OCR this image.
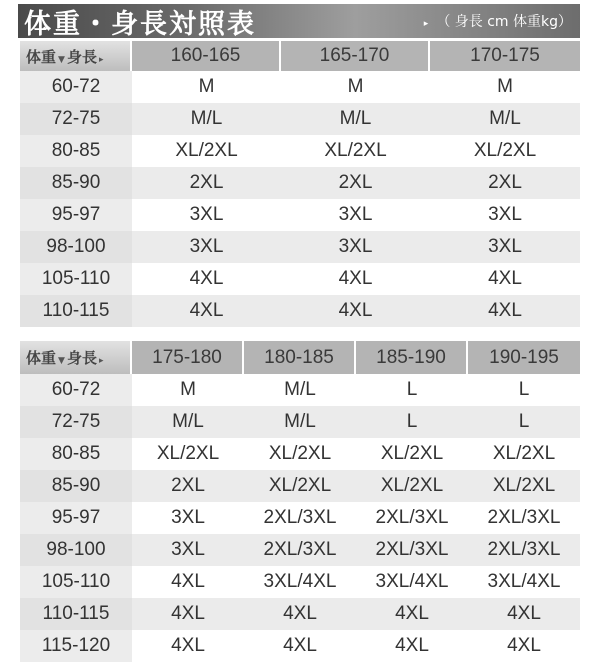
体重・身長対照表	▸ （ 身長 cm 体重kg）
体重 ▼ 身長 ▸	160-165	165-170	170-175
60-72	M	M	M
72-75	M/L	M/L	M/L
80-85	XL/2XL	XL/2XL	XL/2XL
85-90	2XL	2XL	2XL
95-97	3XL	3XL	3XL
98-100	3XL	3XL	3XL
105-110	4XL	4XL	4XL
110-115	4XL	4XL	4XL
体重 ▼ 身長 ▸	175-180	180-185	185-190	190-195
60-72	M	M/L	L	L
72-75	M/L	M/L	L	L
80-85	XL/2XL	XL/2XL	XL/2XL	XL/2XL
85-90	2XL	XL/2XL	XL/2XL	XL/2XL
95-97	3XL	2XL/3XL	2XL/3XL	2XL/3XL
98-100	3XL	2XL/3XL	2XL/3XL	2XL/3XL
105-110	4XL	3XL/4XL	3XL/4XL	3XL/4XL
110-115	4XL	4XL	4XL	4XL
115-120	4XL	4XL	4XL	4XL
